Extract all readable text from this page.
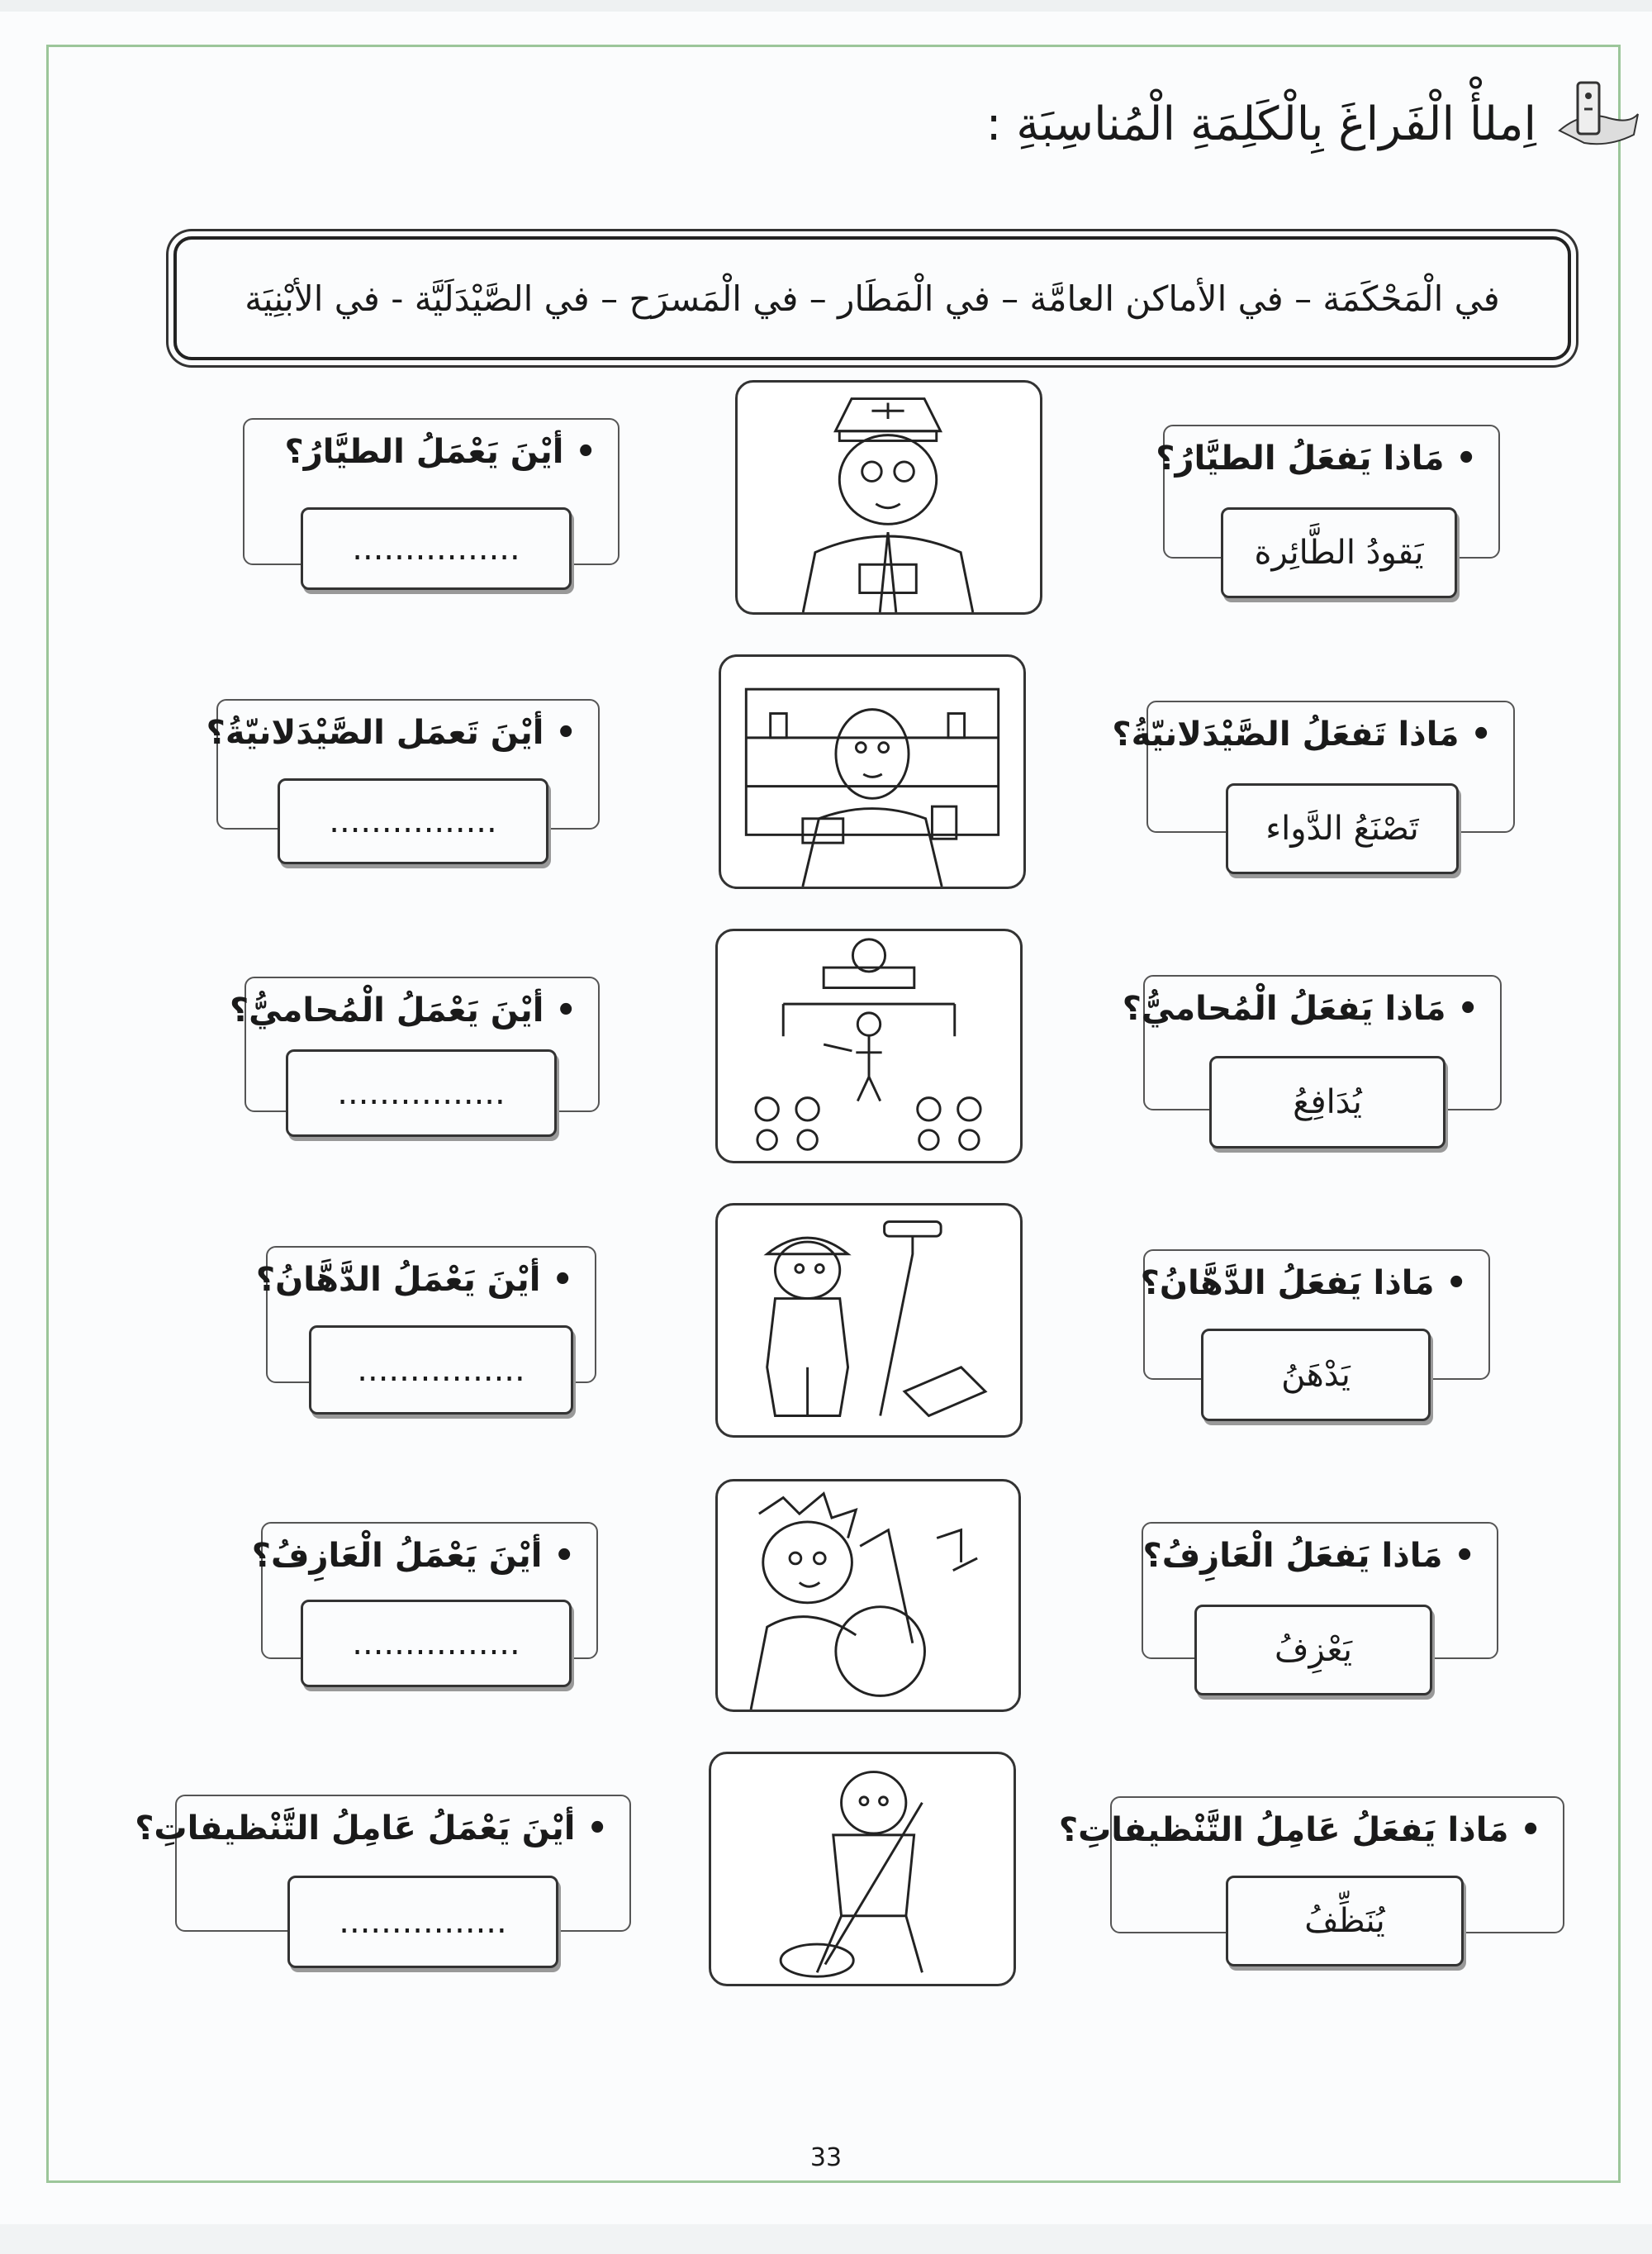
اِملأْ الْفَراغَ بِالْكَلِمَةِ الْمُناسِبَةِ :
في الْمَحْكَمَة – في الأماكن العامَّة – في الْمَطَار – في الْمَسرَح – في الصَّيْدَلَيَّة - في الأبْنِيَة
• مَاذا يَفعَلُ الطيَّارُ؟
يَقودُ الطَّائِرة
• أيْنَ يَعْمَلُ الطيَّارُ؟
................
• مَاذا تَفعَلُ الصَّيْدَلانيّةُ؟
تَصْنَعُ الدَّواء
• أيْنَ تَعمَل الصَّيْدَلانيّةُ؟
................
• مَاذا يَفعَلُ الْمُحاميُّ؟
يُدَافِعُ
• أيْنَ يَعْمَلُ الْمُحاميُّ؟
................
• مَاذا يَفعَلُ الدَّهَّانُ؟
يَدْهَنُ
• أيْنَ يَعْمَلُ الدَّهَّانُ؟
................
• مَاذا يَفعَلُ الْعَازِفُ؟
يَعْزِفُ
• أيْنَ يَعْمَلُ الْعَازِفُ؟
................
• مَاذا يَفعَلُ عَامِلُ التَّنْظيفاتِ؟
يُنَظِّفُ
• أيْنَ يَعْمَلُ عَامِلُ التَّنْظيفاتِ؟
................
33
